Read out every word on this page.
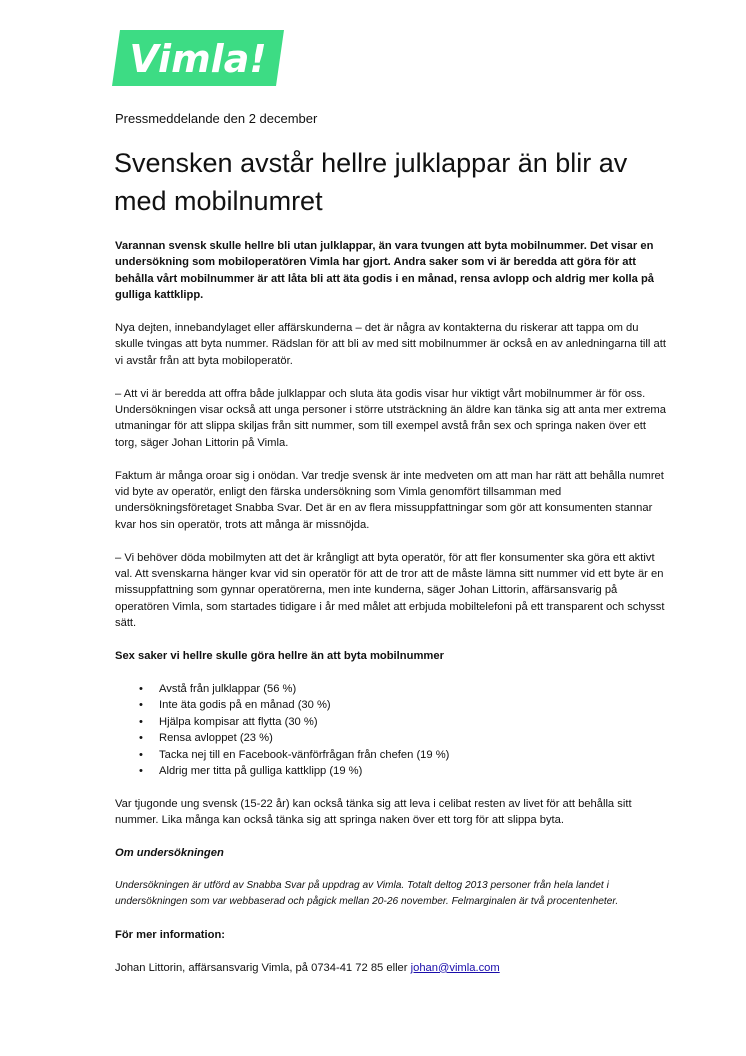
Vimla!
Pressmeddelande den 2 december
Svensken avstår hellre julklappar än blir av med mobilnumret

Varannan svensk skulle hellre bli utan julklappar, än vara tvungen att byta mobilnummer. Det visar en undersökning som mobiloperatören Vimla har gjort. Andra saker som vi är beredda att göra för att behålla vårt mobilnummer är att låta bli att äta godis i en månad, rensa avlopp och aldrig mer kolla på gulliga kattklipp.

Nya dejten, innebandylaget eller affärskunderna – det är några av kontakterna du riskerar att tappa om du skulle tvingas att byta nummer. Rädslan för att bli av med sitt mobilnummer är också en av anledningarna till att vi avstår från att byta mobiloperatör.

– Att vi är beredda att offra både julklappar och sluta äta godis visar hur viktigt vårt mobilnummer är för oss. Undersökningen visar också att unga personer i större utsträckning än äldre kan tänka sig att anta mer extrema utmaningar för att slippa skiljas från sitt nummer, som till exempel avstå från sex och springa naken över ett torg, säger Johan Littorin på Vimla.

Faktum är många oroar sig i onödan. Var tredje svensk är inte medveten om att man har rätt att behålla numret vid byte av operatör, enligt den färska undersökning som Vimla genomfört tillsamman med undersökningsföretaget Snabba Svar. Det är en av flera missuppfattningar som gör att konsumenten stannar kvar hos sin operatör, trots att många är missnöjda.

– Vi behöver döda mobilmyten att det är krångligt att byta operatör, för att fler konsumenter ska göra ett aktivt val. Att svenskarna hänger kvar vid sin operatör för att de tror att de måste lämna sitt nummer vid ett byte är en missuppfattning som gynnar operatörerna, men inte kunderna, säger Johan Littorin, affärsansvarig på operatören Vimla, som startades tidigare i år med målet att erbjuda mobiltelefoni på ett transparent och schysst sätt.

Sex saker vi hellre skulle göra hellre än att byta mobilnummer

• Avstå från julklappar (56 %)
• Inte äta godis på en månad (30 %)
• Hjälpa kompisar att flytta (30 %)
• Rensa avloppet (23 %)
• Tacka nej till en Facebook-vänförfrågan från chefen (19 %)
• Aldrig mer titta på gulliga kattklipp (19 %)

Var tjugonde ung svensk (15-22 år) kan också tänka sig att leva i celibat resten av livet för att behålla sitt nummer. Lika många kan också tänka sig att springa naken över ett torg för att slippa byta.

Om undersökningen

Undersökningen är utförd av Snabba Svar på uppdrag av Vimla. Totalt deltog 2013 personer från hela landet i undersökningen som var webbaserad och pågick mellan 20-26 november. Felmarginalen är två procentenheter.

För mer information:

Johan Littorin, affärsansvarig Vimla, på 0734-41 72 85 eller johan@vimla.com
